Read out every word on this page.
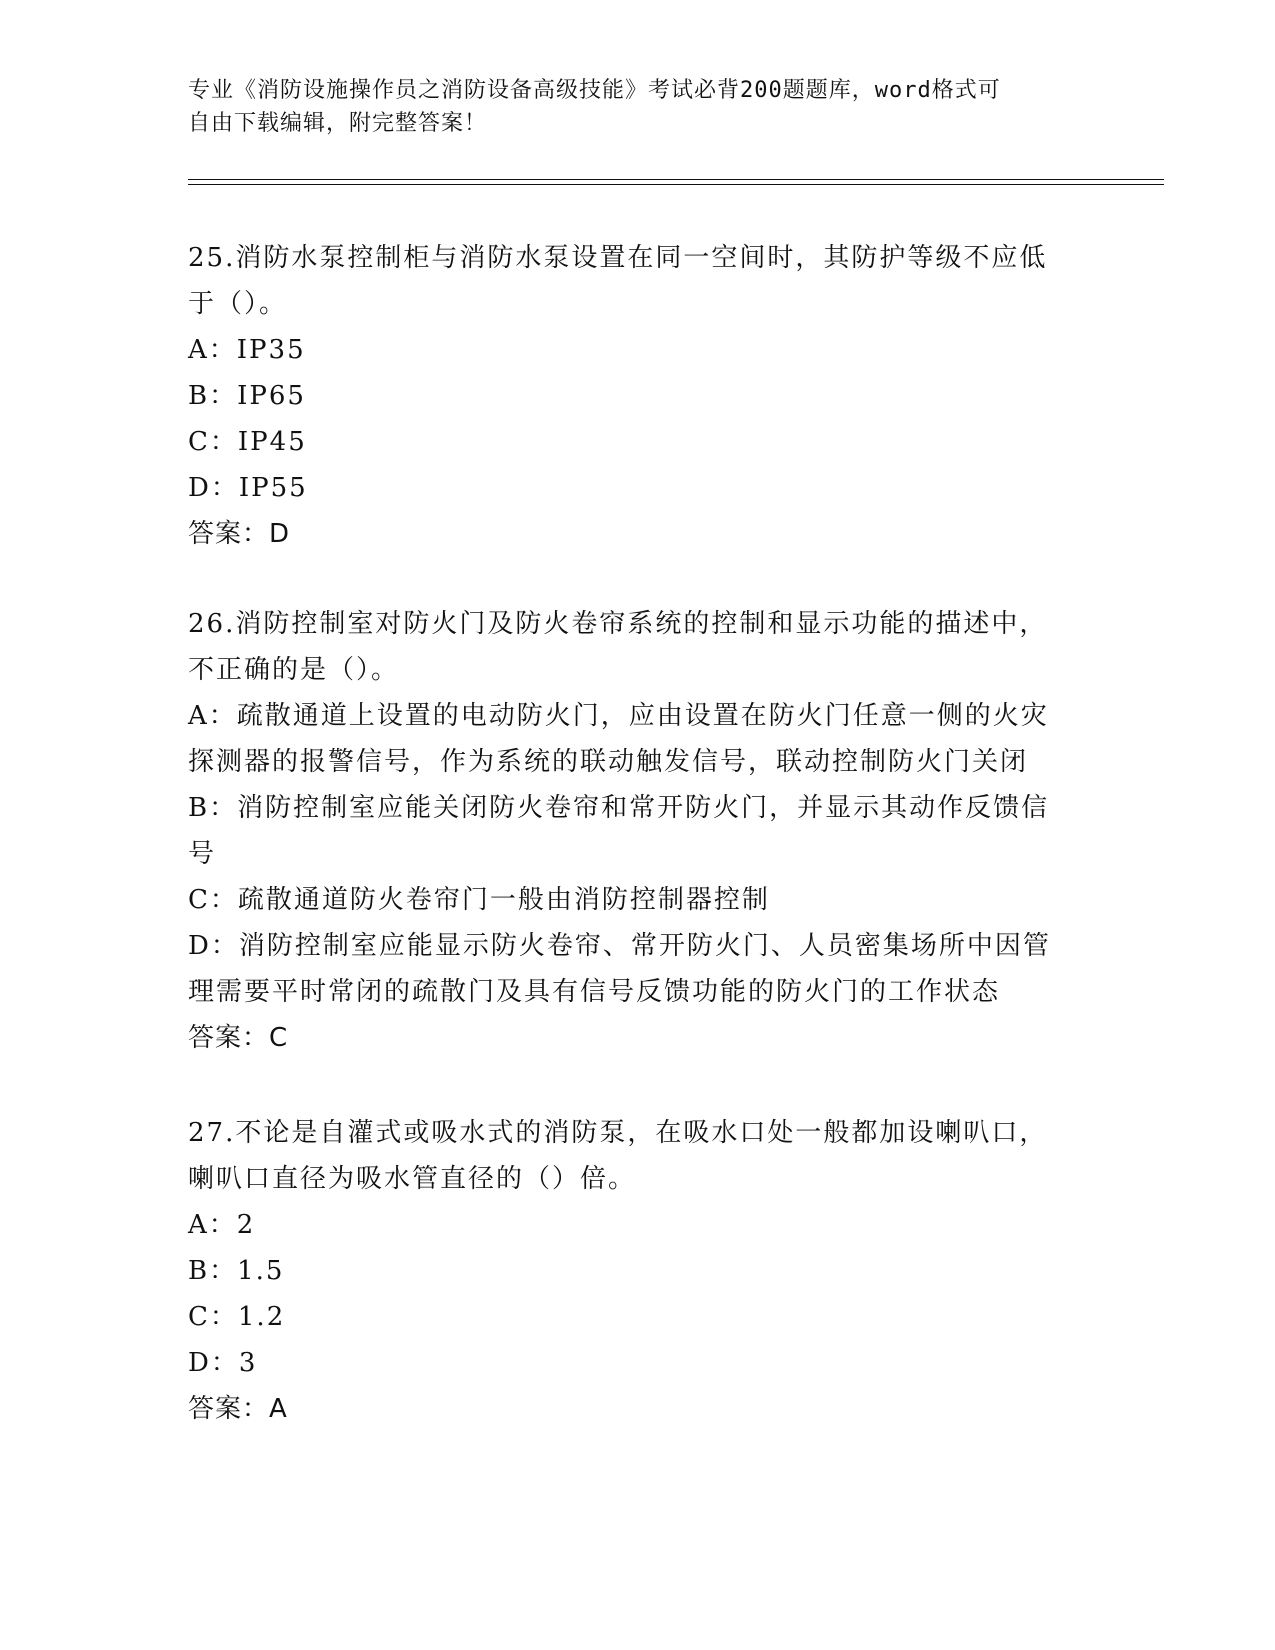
专业《消防设施操作员之消防设备高级技能》考试必背200题题库，word格式可
自由下载编辑，附完整答案！
25.消防水泵控制柜与消防水泵设置在同一空间时，其防护等级不应低
于（）。
A：IP35
B：IP65
C：IP45
D：IP55
答案：D
26.消防控制室对防火门及防火卷帘系统的控制和显示功能的描述中，
不正确的是（）。
A：疏散通道上设置的电动防火门，应由设置在防火门任意一侧的火灾
探测器的报警信号，作为系统的联动触发信号，联动控制防火门关闭
B：消防控制室应能关闭防火卷帘和常开防火门，并显示其动作反馈信
号
C：疏散通道防火卷帘门一般由消防控制器控制
D：消防控制室应能显示防火卷帘、常开防火门、人员密集场所中因管
理需要平时常闭的疏散门及具有信号反馈功能的防火门的工作状态
答案：C
27.不论是自灌式或吸水式的消防泵，在吸水口处一般都加设喇叭口，
喇叭口直径为吸水管直径的（）倍。
A：2
B：1.5
C：1.2
D：3
答案：A
